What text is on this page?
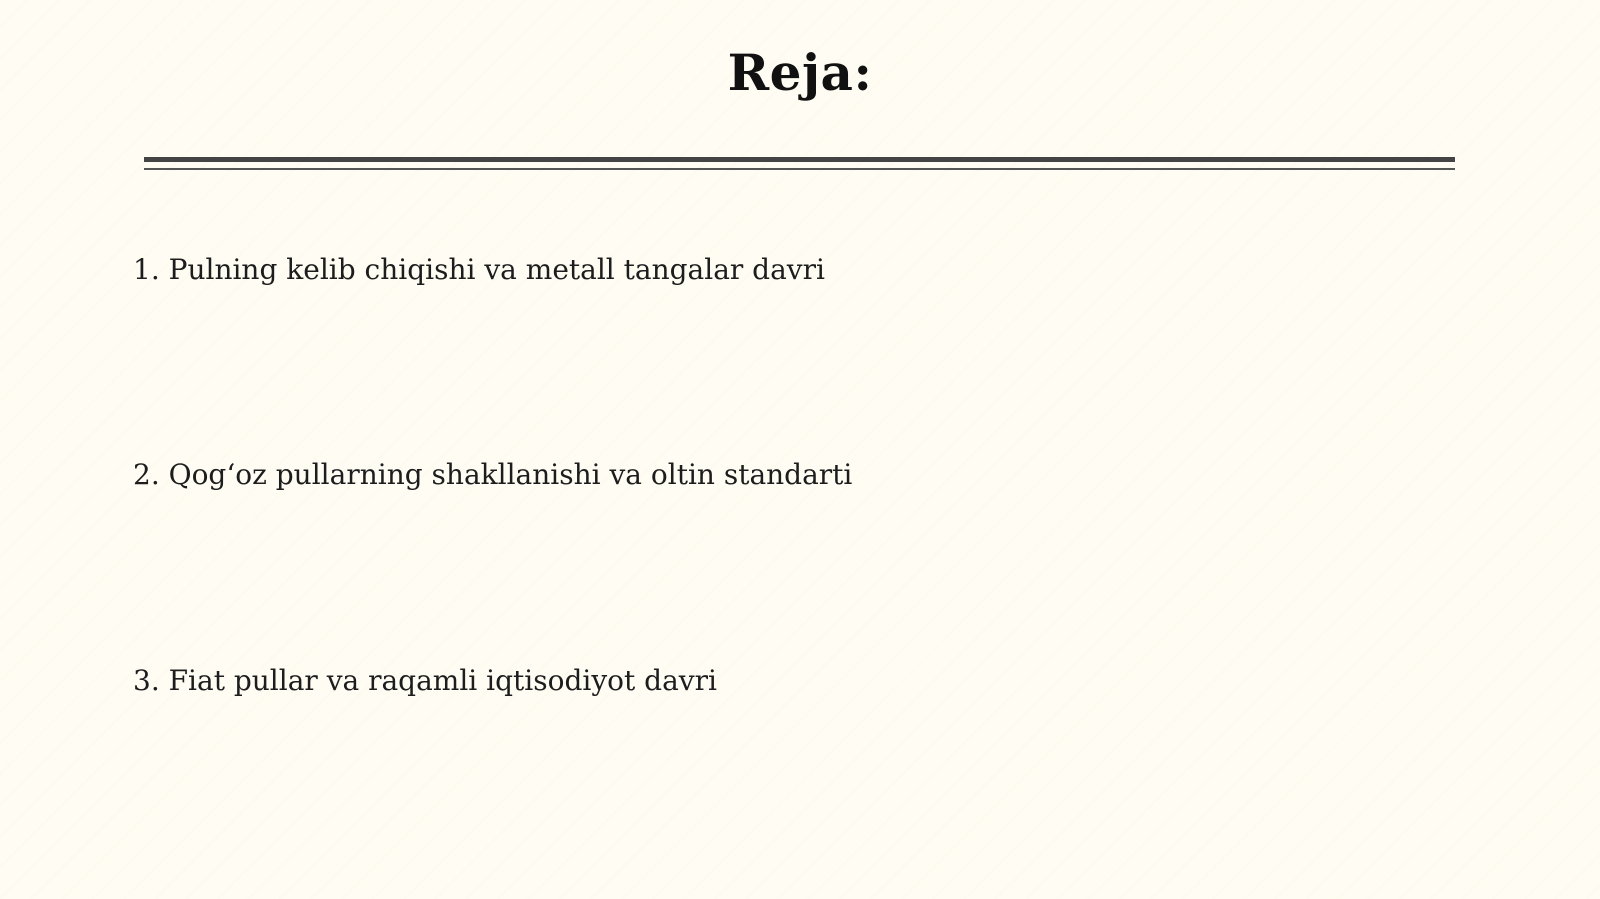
Reja:
1. Pulning kelib chiqishi va metall tangalar davri
2. Qog‘oz pullarning shakllanishi va oltin standarti
3. Fiat pullar va raqamli iqtisodiyot davri
